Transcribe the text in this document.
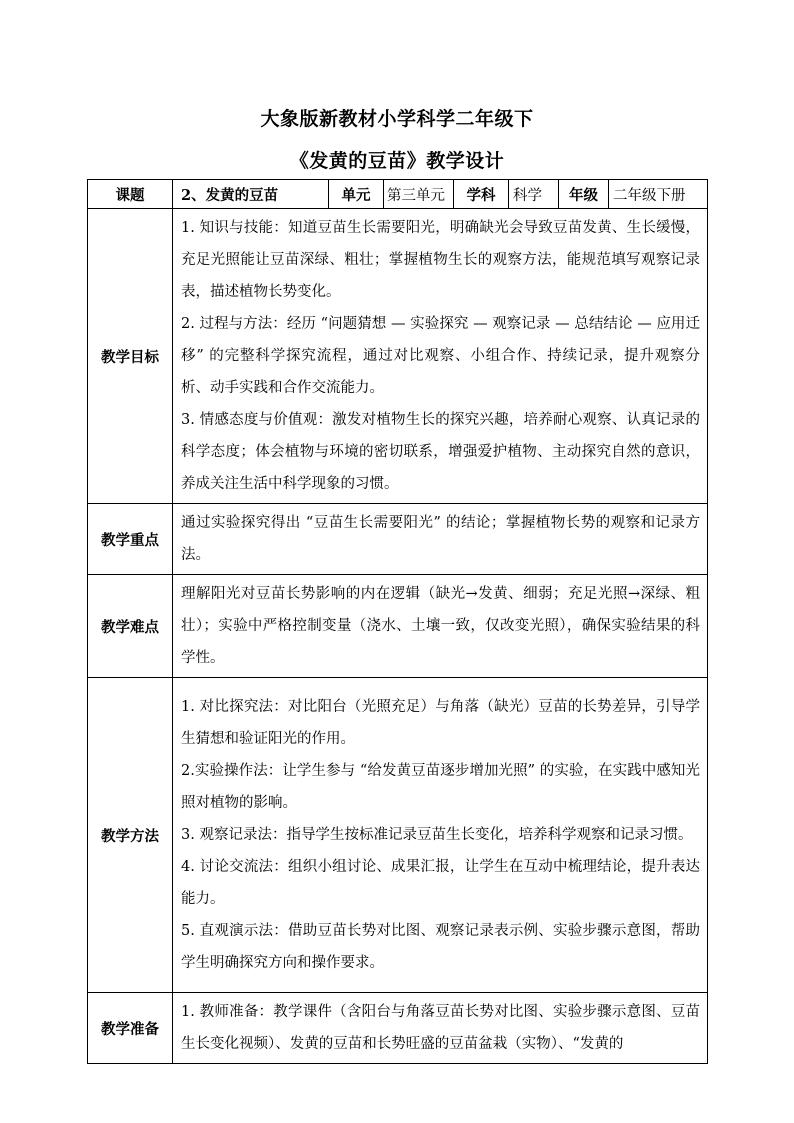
大象版新教材小学科学二年级下
《发黄的豆苗》教学设计
课题	2、发黄的豆苗	单元	第三单元	学科	科学	年级	二年级下册
教学目标	1. 知识与技能：知道豆苗生长需要阳光，明确缺光会导致豆苗发黄、生长缓慢，充足光照能让豆苗深绿、粗壮；掌握植物生长的观察方法，能规范填写观察记录表，描述植物长势变化。

2. 过程与方法：经历 “问题猜想 — 实验探究 — 观察记录 — 总结结论 — 应用迁移” 的完整科学探究流程，通过对比观察、小组合作、持续记录，提升观察分析、动手实践和合作交流能力。

3. 情感态度与价值观：激发对植物生长的探究兴趣，培养耐心观察、认真记录的科学态度；体会植物与环境的密切联系，增强爱护植物、主动探究自然的意识，养成关注生活中科学现象的习惯。						

教学重点	通过实验探究得出 “豆苗生长需要阳光” 的结论；掌握植物长势的观察和记录方法。						

教学难点	理解阳光对豆苗长势影响的内在逻辑（缺光→发黄、细弱；充足光照→深绿、粗壮）；实验中严格控制变量（浇水、土壤一致，仅改变光照），确保实验结果的科学性。						

教学方法	1. 对比探究法：对比阳台（光照充足）与角落（缺光）豆苗的长势差异，引导学生猜想和验证阳光的作用。

2.实验操作法：让学生参与 “给发黄豆苗逐步增加光照” 的实验，在实践中感知光照对植物的影响。

3. 观察记录法：指导学生按标准记录豆苗生长变化，培养科学观察和记录习惯。

4. 讨论交流法：组织小组讨论、成果汇报，让学生在互动中梳理结论，提升表达能力。

5. 直观演示法：借助豆苗长势对比图、观察记录表示例、实验步骤示意图，帮助学生明确探究方向和操作要求。						

教学准备	1. 教师准备：教学课件（含阳台与角落豆苗长势对比图、实验步骤示意图、豆苗生长变化视频）、发黄的豆苗和长势旺盛的豆苗盆栽（实物）、“发黄的						
